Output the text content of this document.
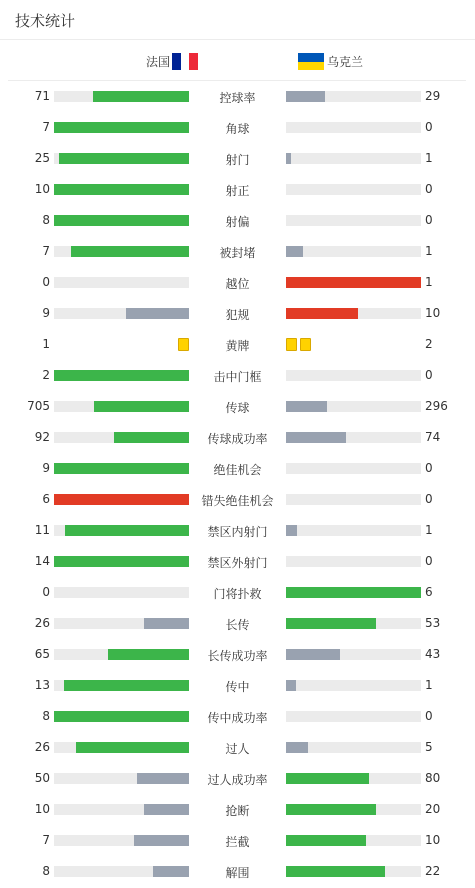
技术统计
法国	乌克兰
71	控球率	29
7	角球	0
25	射门	1
10	射正	0
8	射偏	0
7	被封堵	1
0	越位	1
9	犯规	10
1	黄牌	2
2	击中门框	0
705	传球	296
92	传球成功率	74
9	绝佳机会	0
6	错失绝佳机会	0
11	禁区内射门	1
14	禁区外射门	0
0	门将扑救	6
26	长传	53
65	长传成功率	43
13	传中	1
8	传中成功率	0
26	过人	5
50	过人成功率	80
10	抢断	20
7	拦截	10
8	解围	22
